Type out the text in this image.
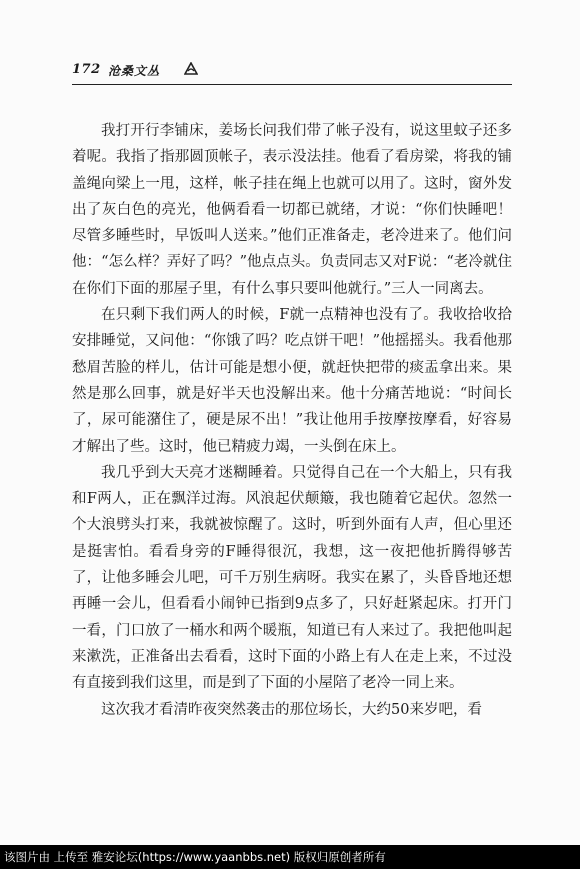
172 沧桑文丛

我打开行李铺床，姜场长问我们带了帐子没有，说这里蚊子还多着呢。我指了指那圆顶帐子，表示没法挂。他看了看房梁，将我的铺盖绳向梁上一甩，这样，帐子挂在绳上也就可以用了。这时，窗外发出了灰白色的亮光，他俩看看一切都已就绪，才说：“你们快睡吧！尽管多睡些时，早饭叫人送来。”他们正准备走，老冷进来了。他们问他：“怎么样？弄好了吗？”他点点头。负责同志又对F说：“老冷就住在你们下面的那屋子里，有什么事只要叫他就行。”三人一同离去。

在只剩下我们两人的时候，F就一点精神也没有了。我收拾收拾安排睡觉，又问他：“你饿了吗？吃点饼干吧！”他摇摇头。我看他那愁眉苦脸的样儿，估计可能是想小便，就赶快把带的痰盂拿出来。果然是那么回事，就是好半天也没解出来。他十分痛苦地说：“时间长了，尿可能潴住了，硬是尿不出！”我让他用手按摩按摩看，好容易才解出了些。这时，他已精疲力竭，一头倒在床上。

我几乎到大天亮才迷糊睡着。只觉得自己在一个大船上，只有我和F两人，正在飘洋过海。风浪起伏颠簸，我也随着它起伏。忽然一个大浪劈头打来，我就被惊醒了。这时，听到外面有人声，但心里还是挺害怕。看看身旁的F睡得很沉，我想，这一夜把他折腾得够苦了，让他多睡会儿吧，可千万别生病呀。我实在累了，头昏昏地还想再睡一会儿，但看看小闹钟已指到9点多了，只好赶紧起床。打开门一看，门口放了一桶水和两个暖瓶，知道已有人来过了。我把他叫起来漱洗，正准备出去看看，这时下面的小路上有人在走上来，不过没有直接到我们这里，而是到了下面的小屋陪了老冷一同上来。

这次我才看清昨夜突然袭击的那位场长，大约50来岁吧，看

该图片由 上传至 雅安论坛(https://www.yaanbbs.net) 版权归原创者所有
